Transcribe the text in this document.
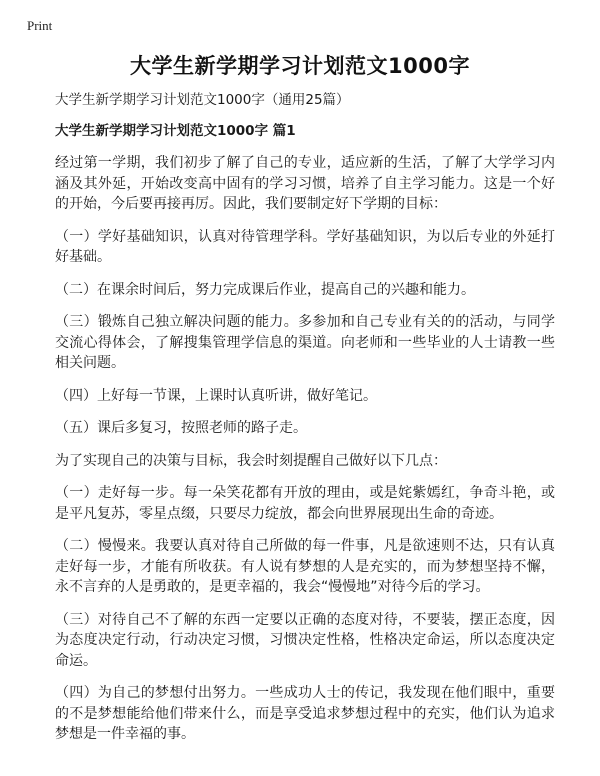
Print
大学生新学期学习计划范文1000字
大学生新学期学习计划范文1000字（通用25篇）
大学生新学期学习计划范文1000字 篇1

经过第一学期，我们初步了解了自己的专业，适应新的生活，了解了大学学习内涵及其外延，开始改变高中固有的学习习惯，培养了自主学习能力。这是一个好的开始，今后要再接再厉。因此，我们要制定好下学期的目标：

（一）学好基础知识，认真对待管理学科。学好基础知识，为以后专业的外延打好基础。

（二）在课余时间后，努力完成课后作业，提高自己的兴趣和能力。

（三）锻炼自己独立解决问题的能力。多参加和自己专业有关的的活动，与同学交流心得体会，了解搜集管理学信息的渠道。向老师和一些毕业的人士请教一些相关问题。

（四）上好每一节课，上课时认真听讲，做好笔记。

（五）课后多复习，按照老师的路子走。

为了实现自己的决策与目标，我会时刻提醒自己做好以下几点：

（一）走好每一步。每一朵笑花都有开放的理由，或是姹紫嫣红，争奇斗艳，或是平凡复苏，零星点缀，只要尽力绽放，都会向世界展现出生命的奇迹。

（二）慢慢来。我要认真对待自己所做的每一件事，凡是欲速则不达，只有认真走好每一步，才能有所收获。有人说有梦想的人是充实的，而为梦想坚持不懈，永不言弃的人是勇敢的，是更幸福的，我会“慢慢地”对待今后的学习。

（三）对待自己不了解的东西一定要以正确的态度对待，不要装，摆正态度，因为态度决定行动，行动决定习惯，习惯决定性格，性格决定命运，所以态度决定命运。

（四）为自己的梦想付出努力。一些成功人士的传记，我发现在他们眼中，重要的不是梦想能给他们带来什么，而是享受追求梦想过程中的充实，他们认为追求梦想是一件幸福的事。
